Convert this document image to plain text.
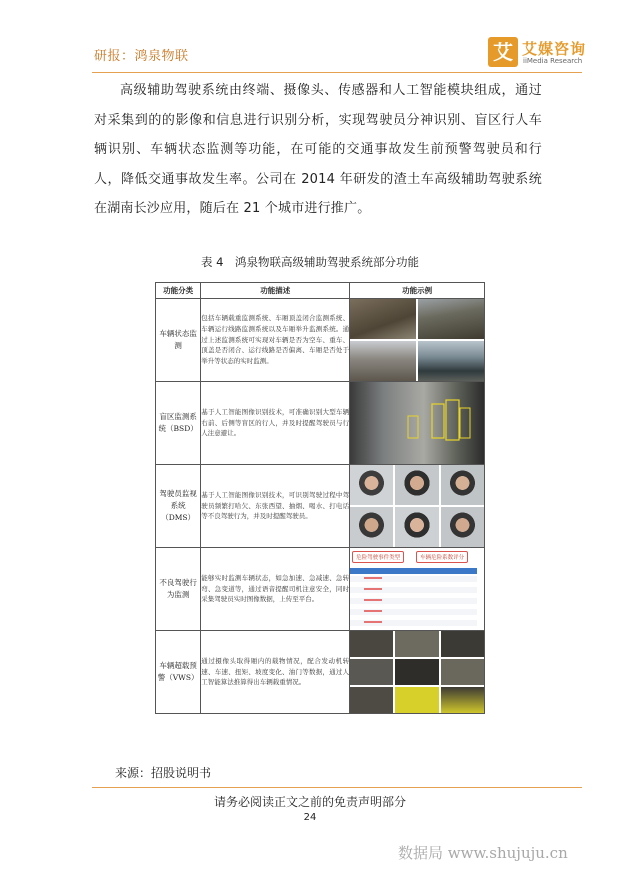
研报：鸿泉物联	艾 艾媒咨询
iiMedia Research
高级辅助驾驶系统由终端、摄像头、传感器和人工智能模块组成，通过对采集到的的影像和信息进行识别分析，实现驾驶员分神识别、盲区行人车辆识别、车辆状态监测等功能，在可能的交通事故发生前预警驾驶员和行人，降低交通事故发生率。公司在 2014 年研发的渣土车高级辅助驾驶系统在湖南长沙应用，随后在 21 个城市进行推广。
表 4　鸿泉物联高级辅助驾驶系统部分功能
功能分类	功能描述	功能示例
车辆状态监测	包括车辆载重监测系统、车厢顶盖闭合监测系统、车辆运行线路监测系统以及车厢举升监测系统。通过上述监测系统可实现对车辆是否为空车、重车、顶盖是否闭合、运行线路是否偏离、车厢是否处于举升等状态的实时监测。	

盲区监测系统（BSD）	基于人工智能图像识别技术，可准确识别大型车辆右前、后侧等盲区的行人，并及时提醒驾驶员与行人注意避让。	

驾驶员监视系统（DMS）	基于人工智能图像识别技术，可识别驾驶过程中驾驶员频繁打哈欠、东张西望、抽烟、喝水、打电话等不良驾驶行为，并及时提醒驾驶员。	

不良驾驶行为监测	能够实时监测车辆状态，如急加速、急减速、急转弯、急变道等，通过语音提醒司机注意安全，同时采集驾驶员实时图像数据，上传至平台。	危险驾驶事件类型 车辆危险系数评分

车辆超载预警（VWS）	通过摄像头取得厢内的载物情况，配合发动机转速、车速、扭矩、坡度变化、油门等数据，通过人工智能算法推算得出车辆载重情况。	
来源：招股说明书
请务必阅读正文之前的免责声明部分
24
数据局 www.shujuju.cn
